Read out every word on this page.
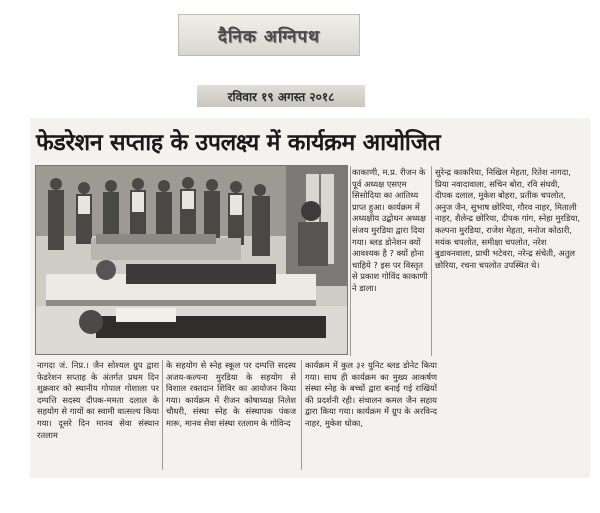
दैनिक अग्निपथ
रविवार १९ अगस्त २०१८
फेडरेशन सप्ताह के उपलक्ष्य में कार्यक्रम आयोजित

काकाणी, म.प्र. रीजन के पूर्व अध्यक्ष एसएम सिसोदिया का आतिथ्य प्राप्त हुआ। कार्यक्रम में अध्यक्षीय उद्बोधन अध्यक्ष संजय मुरडिया द्वारा दिया गया। ब्लड डोनेशन क्यों आवश्यक है ? क्यों होना चाहिये ? इस पर विस्तृत से प्रकाश गोविंद काकाणी ने डाला।

सुरेन्द्र काकरिया, निखिल मेहता, रितेश नागदा, प्रिया नवादावाला, सचिन बोरा, रवि संघवी, दीपक दलाल, मुकेश बोहरा, प्रतीक चपलोत, अनुज जैन, सुभाष छोरिया, गौरव नाहर, मिताली नाहर, शैलेन्द्र छोरिया, दीपक गांग, स्नेहा मुरडिया, कल्पना मुरडिया, राजेश मेहता, मनोज कोठारी, मयंक चपलोत, समीक्षा चपलोत, नरेश बुडावनवाला, प्राची भटेवरा, नरेन्द्र संचेती, अतुल छोरिया, रचना चपलोत उपस्थित थे।

नागदा जं. निप्र.। जैन सोश्यल ग्रुप द्वारा फेडरेशन सप्ताह के अंतर्गत प्रथम दिन शुक्रवार को स्थानीय गोपाल गोशाला पर दम्पत्ति सदस्य दीपक-ममता दलाल के सहयोग से गायों का स्वामी वात्सल्य किया गया। दूसरे दिन मानव सेवा संस्थान रतलाम

के सहयोग से स्नेह स्कूल पर दम्पत्ति सदस्य अजय-कल्पना मुरडिया के सहयोग से विशाल रक्तदान शिविर का आयोजन किया गया। कार्यक्रम में रीजन कोषाध्यक्ष निलेश चौधरी, संस्था स्नेह के संस्थापक पंकज मारू, मानव सेवा संस्था रतलाम के गोविन्द

कार्यक्रम में कुल ३२ युनिट ब्लड डोनेट किया गया। साथ ही कार्यक्रम का मुख्य आकर्षण संस्था स्नेह के बच्चों द्वारा बनाई गई राखियों की प्रदर्शनी रही। संचालन कमल जैन सहाय द्वारा किया गया। कार्यक्रम में ग्रुप के अरविन्द नाहर, मुकेश धोका,
